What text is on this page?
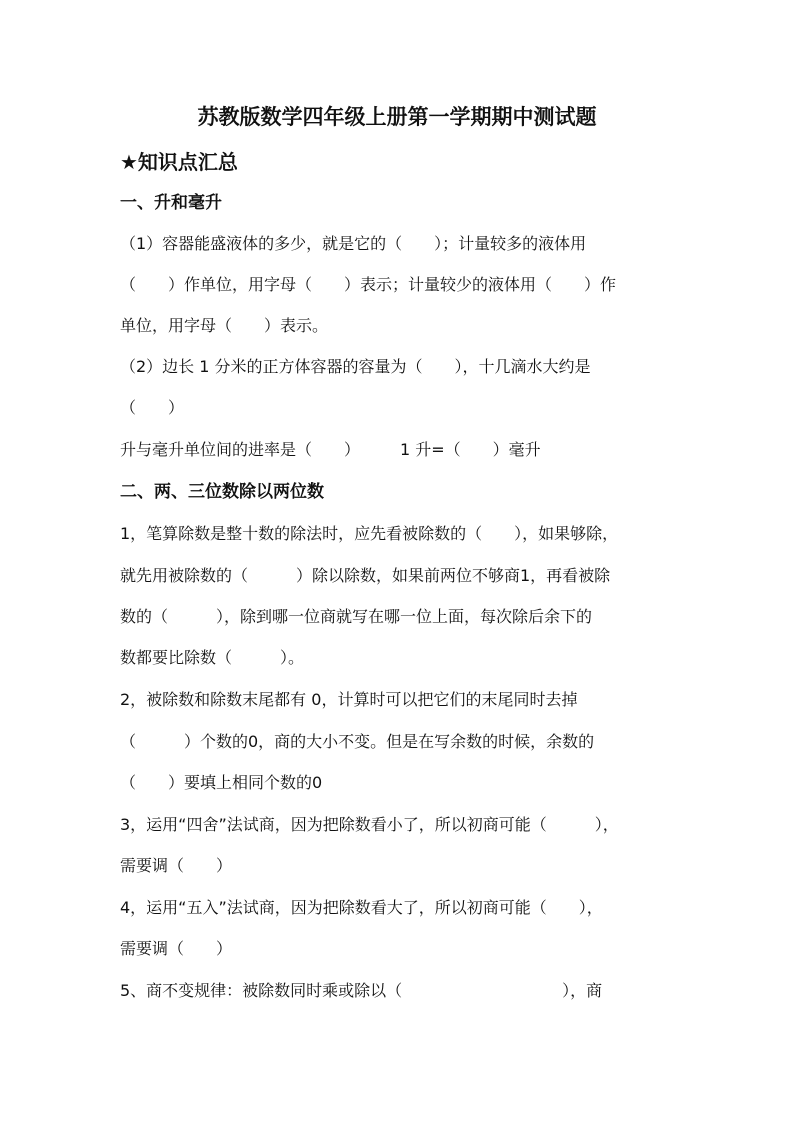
苏教版数学四年级上册第一学期期中测试题
★知识点汇总
一、升和毫升
（1）容器能盛液体的多少，就是它的（　　）；计量较多的液体用
（　　）作单位，用字母（　　）表示；计量较少的液体用（　　）作
单位，用字母（　　）表示。
（2）边长 1 分米的正方体容器的容量为（　　），十几滴水大约是
（　　）
升与毫升单位间的进率是（　　）　　　1 升=（　　）毫升
二、两、三位数除以两位数
1，笔算除数是整十数的除法时，应先看被除数的（　　），如果够除，
就先用被除数的（　　　）除以除数，如果前两位不够商1，再看被除
数的（　　　），除到哪一位商就写在哪一位上面，每次除后余下的
数都要比除数（　　　）。
2，被除数和除数末尾都有 0，计算时可以把它们的末尾同时去掉
（　　　）个数的0，商的大小不变。但是在写余数的时候，余数的
（　　）要填上相同个数的0
3，运用“四舍”法试商，因为把除数看小了，所以初商可能（　　　），
需要调（　　）
4，运用“五入”法试商，因为把除数看大了，所以初商可能（　　），
需要调（　　）
5、商不变规律：被除数同时乘或除以（　　　　　　　　　　），商
